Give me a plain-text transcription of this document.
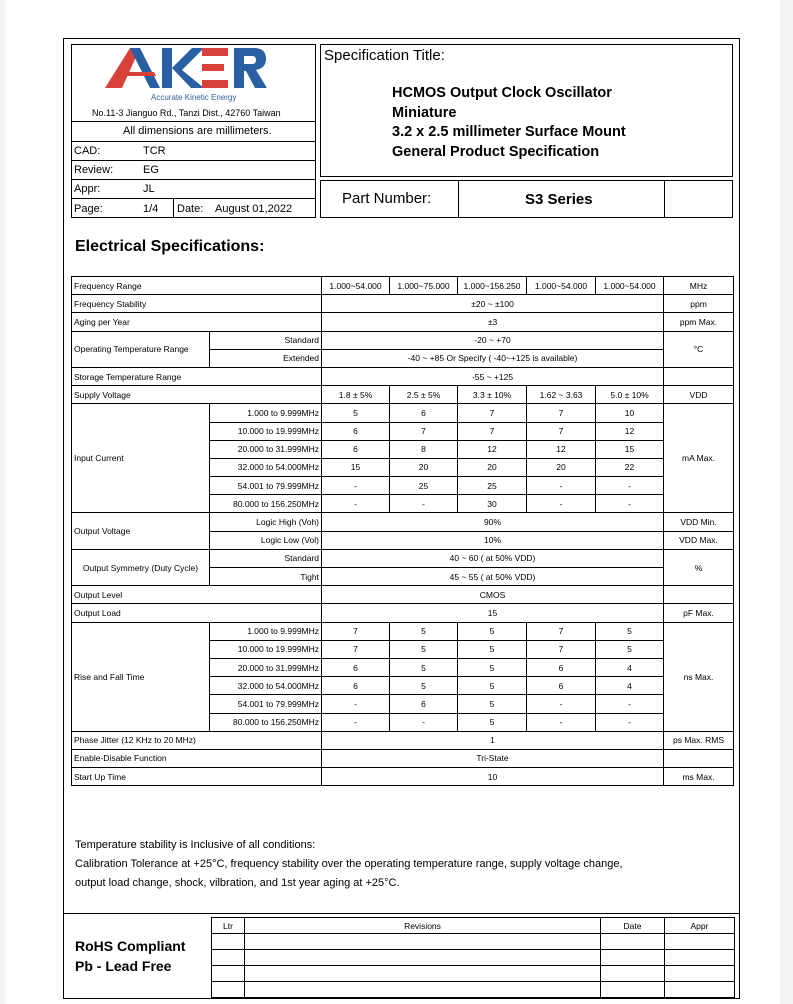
Accurate Kinetic Energy
No.11-3 Jianguo Rd., Tanzi Dist., 42760 Taiwan
All dimensions are millimeters.
CAD:	TCR
Review:	EG
Appr:	JL
Page:	1/4 Date: August 01,2022
Specification Title:
HCMOS Output Clock Oscillator
Miniature
3.2 x 2.5 millimeter Surface Mount
General Product Specification
Part Number:	S3 Series
Electrical Specifications:
Frequency Range		1.000~54.000	1.000~75.000	1.000~156.250	1.000~54.000	1.000~54.000	MHz
Frequency Stability		±20 ~ ±100					ppm
Aging per Year		±3					ppm Max.
Operating Temperature Range	Standard	-20 ~ +70					°C
	Extended	-40 ~ +85 Or Specify ( -40~+125 is available)					
Storage Temperature Range		-55 ~ +125					
Supply Voltage		1.8 ± 5%	2.5 ± 5%	3.3 ± 10%	1.62 ~ 3.63	5.0 ± 10%	VDD
Input Current	1.000 to 9.999MHz	5	6	7	7	10	mA Max.
	10.000 to 19.999MHz	6	7	7	7	12	
	20.000 to 31.999MHz	6	8	12	12	15	
	32.000 to 54.000MHz	15	20	20	20	22	
	54.001 to 79.999MHz	-	25	25	-	-	
	80.000 to 156.250MHz	-	-	30	-	-	
Output Voltage	Logic High (Voh)	90%					VDD Min.
	Logic Low (Vol)	10%					VDD Max.
Output Symmetry (Duty Cycle)	Standard	40 ~ 60 ( at 50% VDD)					%
	Tight	45 ~ 55 ( at 50% VDD)					
Output Level		CMOS					
Output Load		15					pF Max.
Rise and Fall Time	1.000 to 9.999MHz	7	5	5	7	5	ns Max.
	10.000 to 19.999MHz	7	5	5	7	5	
	20.000 to 31.999MHz	6	5	5	6	4	
	32.000 to 54.000MHz	6	5	5	6	4	
	54.001 to 79.999MHz	-	6	5	-	-	
	80.000 to 156.250MHz	-	-	5	-	-	
Phase Jitter (12 KHz to 20 MHz)		1					ps Max. RMS
Enable-Disable Function		Tri-State					
Start Up Time		10					ms Max.
Temperature stability is Inclusive of all conditions:
Calibration Tolerance at +25°C, frequency stability over the operating temperature range, supply voltage change,
output load change, shock, vilbration, and 1st year aging at +25°C.
RoHS Compliant
Pb - Lead Free
Ltr	Revisions	Date	Appr
